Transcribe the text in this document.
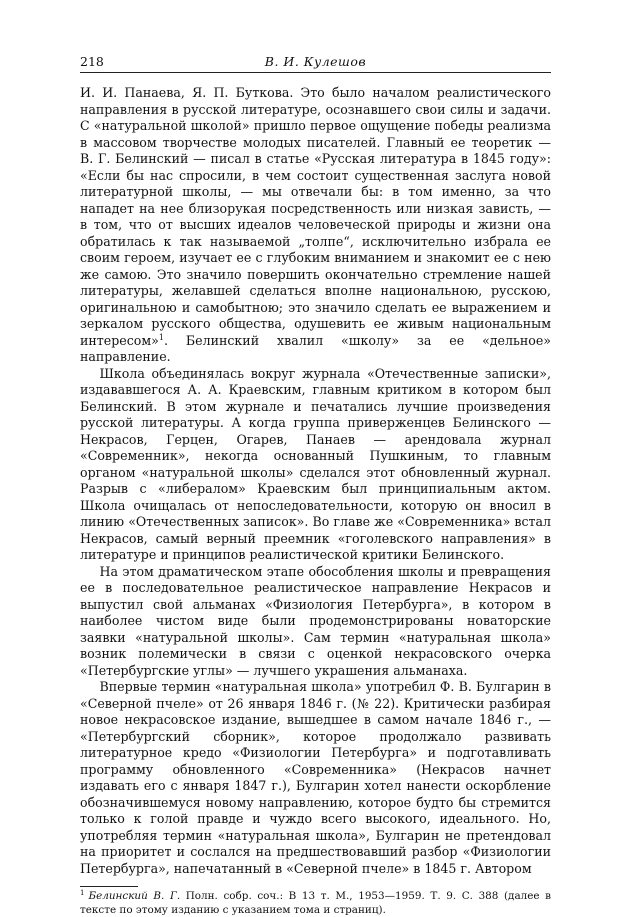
218	В. И. Кулешов

И. И. Панаева, Я. П. Буткова. Это было началом реалистического направления в русской литературе, осознавшего свои силы и задачи. С «натуральной школой» пришло первое ощущение победы реализма в массовом творчестве молодых писателей. Главный ее теоретик — В. Г. Белинский — писал в статье «Русская литература в 1845 году»: «Если бы нас спросили, в чем состоит существенная заслуга новой литературной школы, — мы отвечали бы: в том именно, за что нападет на нее близорукая посредственность или низкая зависть, — в том, что от высших идеалов человеческой природы и жизни она обратилась к так называемой „толпе“, исключительно избрала ее своим героем, изучает ее с глубоким вниманием и знакомит ее с нею же самою. Это значило повершить окончательно стремление нашей литературы, желавшей сделаться вполне национальною, русскою, оригинальною и самобытною; это значило сделать ее выражением и зеркалом русского общества, одушевить ее живым национальным интересом»$^1$. Белинский хвалил «школу» за ее «дельное» направление.

Школа объединялась вокруг журнала «Отечественные записки», издававшегося А. А. Краевским, главным критиком в котором был Белинский. В этом журнале и печатались лучшие произведения русской литературы. А когда группа приверженцев Белинского — Некрасов, Герцен, Огарев, Панаев — арендовала журнал «Современник», некогда основанный Пушкиным, то главным органом «натуральной школы» сделался этот обновленный журнал. Разрыв с «либералом» Краевским был принципиальным актом. Школа очищалась от непоследовательности, которую он вносил в линию «Отечественных записок». Во главе же «Современника» встал Некрасов, самый верный преемник «гоголевского направления» в литературе и принципов реалистической критики Белинского.

На этом драматическом этапе обособления школы и превращения ее в последовательное реалистическое направление Некрасов и выпустил свой альманах «Физиология Петербурга», в котором в наиболее чистом виде были продемонстрированы новаторские заявки «натуральной школы». Сам термин «натуральная школа» возник полемически в связи с оценкой некрасовского очерка «Петербургские углы» — лучшего украшения альманаха.

Впервые термин «натуральная школа» употребил Ф. В. Булгарин в «Северной пчеле» от 26 января 1846 г. (№ 22). Критически разбирая новое некрасовское издание, вышедшее в самом начале 1846 г., — «Петербургский сборник», которое продолжало развивать литературное кредо «Физиологии Петербурга» и подготавливать программу обновленного «Современника» (Некрасов начнет издавать его с января 1847 г.), Булгарин хотел нанести оскорбление обозначившемуся новому направлению, которое будто бы стремится только к голой правде и чуждо всего высокого, идеального. Но, употребляя термин «натуральная школа», Булгарин не претендовал на приоритет и сослался на предшествовавший разбор «Физиологии Петербурга», напечатанный в «Северной пчеле» в 1845 г. Автором

$^1$ Белинский В. Г. Полн. собр. соч.: В 13 т. М., 1953—1959. Т. 9. С. 388 (далее в тексте по этому изданию с указанием тома и страниц).
